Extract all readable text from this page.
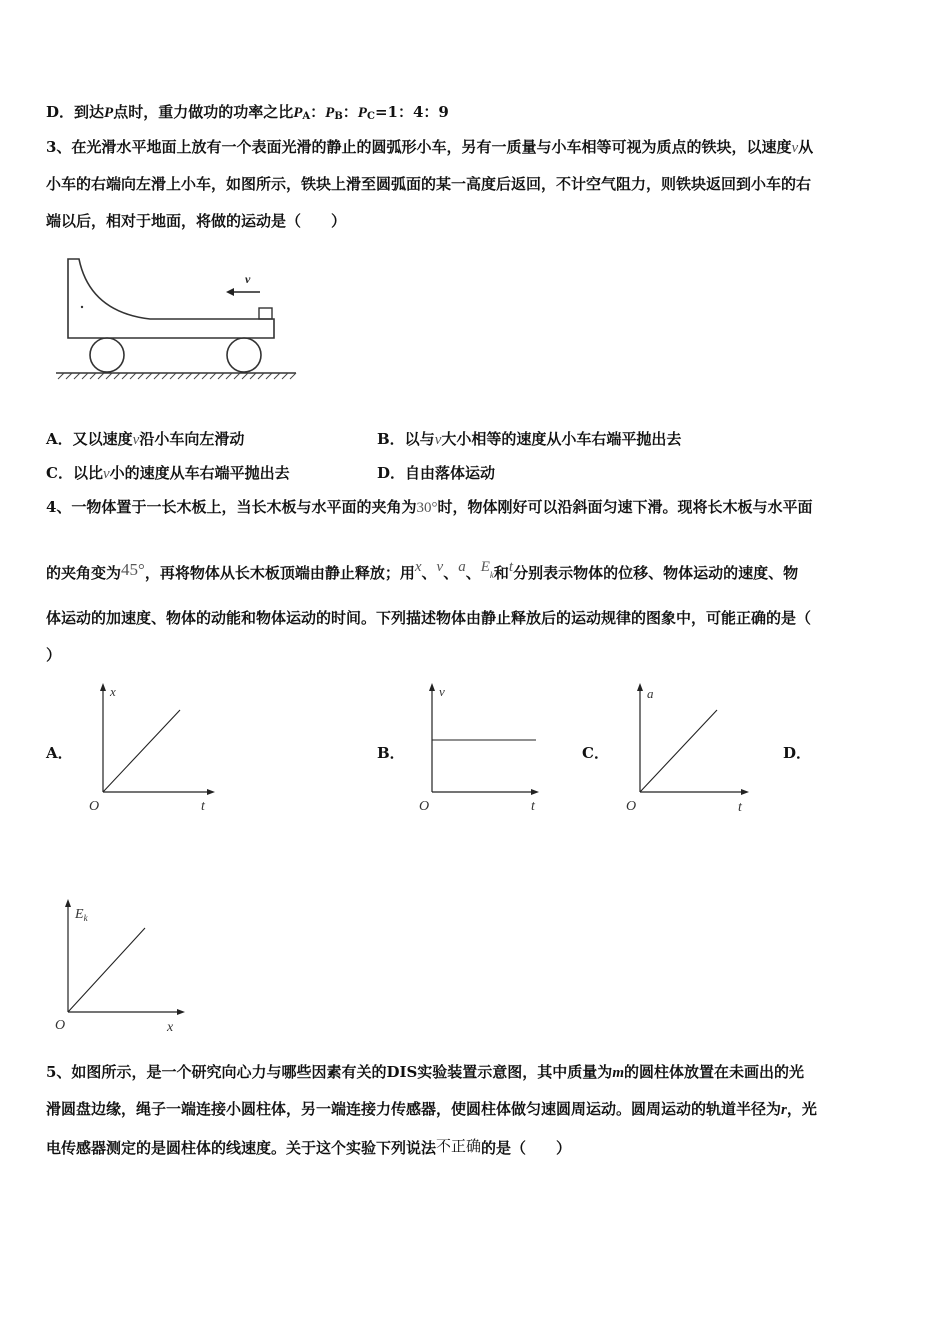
D．到达P点时，重力做功的功率之比$P_A$：$P_B$：$P_C=1$：4：9
3、在光滑水平地面上放有一个表面光滑的静止的圆弧形小车，另有一质量与小车相等可视为质点的铁块，以速度v从
小车的右端向左滑上小车，如图所示，铁块上滑至圆弧面的某一高度后返回，不计空气阻力，则铁块返回到小车的右
端以后，相对于地面，将做的运动是（　　）
v
A．又以速度v沿小车向左滑动	B．以与v大小相等的速度从小车右端平抛出去
C．以比v小的速度从车右端平抛出去	D．自由落体运动
4、一物体置于一长木板上，当长木板与水平面的夹角为30°时，物体刚好可以沿斜面匀速下滑。现将长木板与水平面
的夹角变为45°，再将物体从长木板顶端由静止释放；用x、v、a、Ek和t分别表示物体的位移、物体运动的速度、物
体运动的加速度、物体的动能和物体运动的时间。下列描述物体由静止释放后的运动规律的图象中，可能正确的是（
）
A．	B．	C．	D．
x
t
O
v
t
O
a
t
O
$E_k$
x
O
5、如图所示，是一个研究向心力与哪些因素有关的DIS实验装置示意图，其中质量为m的圆柱体放置在未画出的光
滑圆盘边缘，绳子一端连接小圆柱体，另一端连接力传感器，使圆柱体做匀速圆周运动。圆周运动的轨道半径为r，光
电传感器测定的是圆柱体的线速度。关于这个实验下列说法不正确的是（　　）
